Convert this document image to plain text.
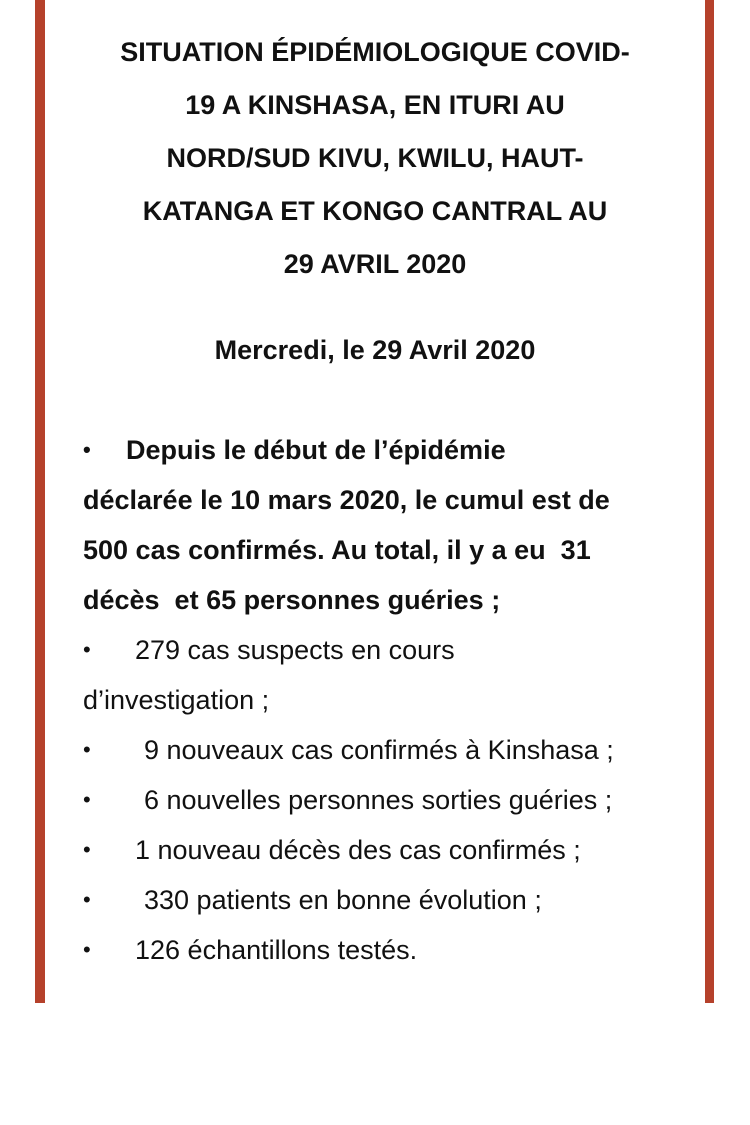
SITUATION ÉPIDÉMIOLOGIQUE COVID-
19 A KINSHASA, EN ITURI AU
NORD/SUD KIVU, KWILU, HAUT-
KATANGA ET KONGO CANTRAL AU
29 AVRIL 2020

Mercredi, le 29 Avril 2020

•

	Depuis le début de l’épidémie

déclarée le 10 mars 2020, le cumul est de

500 cas confirmés. Au total, il y a eu  31

décès  et 65 personnes guéries ;

•

	279 cas suspects en cours

d’investigation ;

•

	9 nouveaux cas confirmés à Kinshasa ;

•

	6 nouvelles personnes sorties guéries ;

•

	1 nouveau décès des cas confirmés ;

•

	330 patients en bonne évolution ;

•

	126 échantillons testés.
